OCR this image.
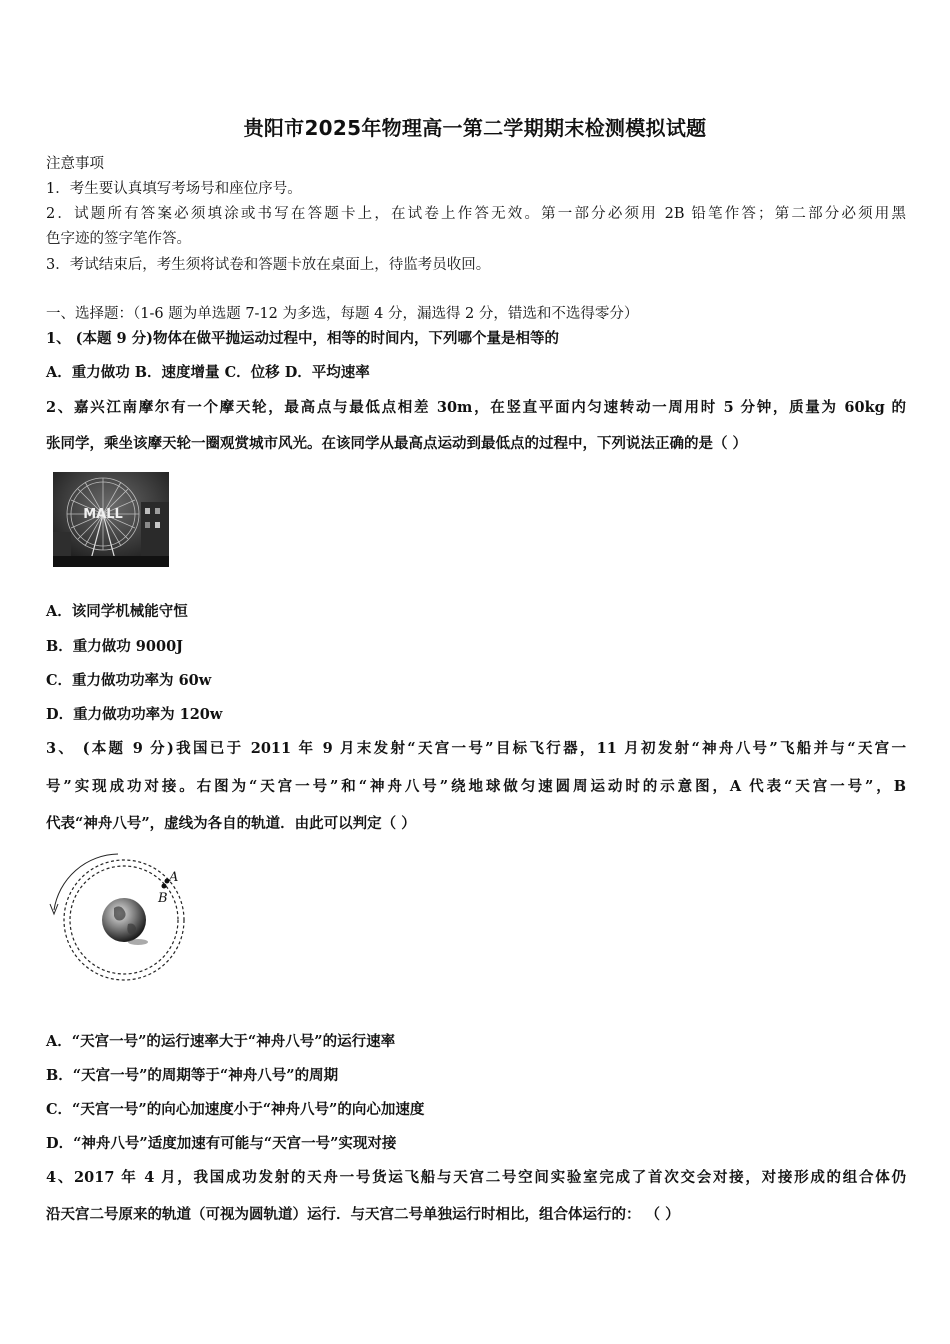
贵阳市2025年物理高一第二学期期末检测模拟试题
注意事项
1．考生要认真填写考场号和座位序号。
2．试题所有答案必须填涂或书写在答题卡上，在试卷上作答无效。第一部分必须用 2B 铅笔作答；第二部分必须用黑
色字迹的签字笔作答。
3．考试结束后，考生须将试卷和答题卡放在桌面上，待监考员收回。
一、选择题：（1-6 题为单选题 7-12 为多选，每题 4 分，漏选得 2 分，错选和不选得零分）
1、 (本题 9 分)物体在做平抛运动过程中，相等的时间内，下列哪个量是相等的
A．重力做功 B．速度增量 C．位移 D．平均速率
2、嘉兴江南摩尔有一个摩天轮，最高点与最低点相差 30m，在竖直平面内匀速转动一周用时 5 分钟，质量为 60kg 的
张同学，乘坐该摩天轮一圈观赏城市风光。在该同学从最高点运动到最低点的过程中，下列说法正确的是（ ）
MALL
A．该同学机械能守恒
B．重力做功 9000J
C．重力做功功率为 60w
D．重力做功功率为 120w
3、 (本题 9 分)我国已于 2011 年 9 月末发射“天宫一号”目标飞行器，11 月初发射“神舟八号”飞船并与“天宫一
号”实现成功对接。右图为“天宫一号”和“神舟八号”绕地球做匀速圆周运动时的示意图，A 代表“天宫一号”，B
代表“神舟八号”，虚线为各自的轨道．由此可以判定（ ）
A
B
A．“天宫一号”的运行速率大于“神舟八号”的运行速率
B．“天宫一号”的周期等于“神舟八号”的周期
C．“天宫一号”的向心加速度小于“神舟八号”的向心加速度
D．“神舟八号”适度加速有可能与“天宫一号”实现对接
4、2017 年 4 月，我国成功发射的天舟一号货运飞船与天宫二号空间实验室完成了首次交会对接，对接形成的组合体仍
沿天宫二号原来的轨道（可视为圆轨道）运行．与天宫二号单独运行时相比，组合体运行的： （ ）
